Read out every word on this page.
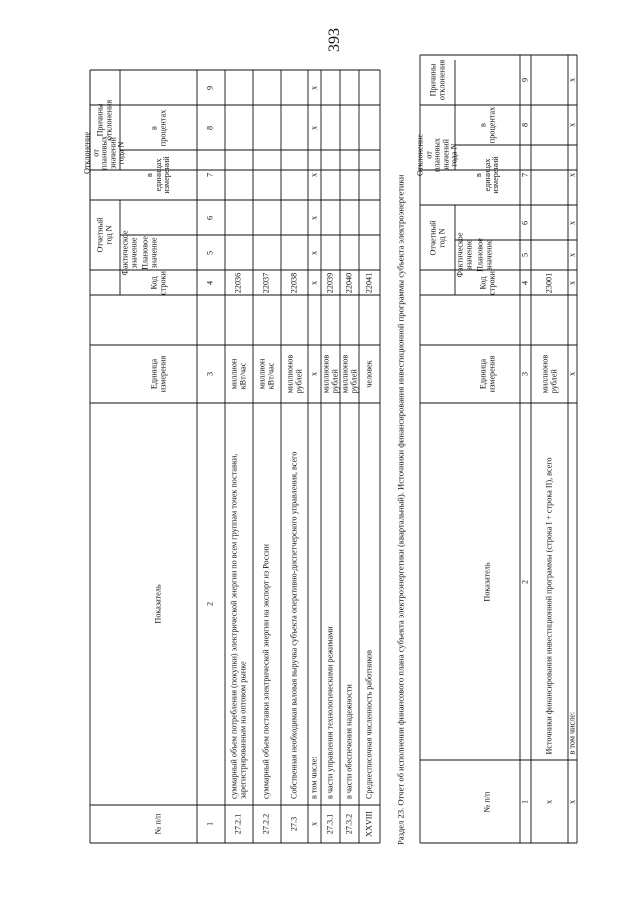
393
Причины отклонения
Отклонение от плановых значений года N
в процентах
в единицах измерений
Отчетный год N Фактическое значение Плановое значение
Код строки
Единица измерения
Показатель
№ п/п
9
8
7
6
5
4
3
2
1
22036
миллион кВт/час
суммарный объем потребления (покупки) электрической энергии по всем группам точек поставки, зарегистрированным на оптовом рынке
27.2.1
22037
миллион кВт/час
суммарный объем поставки электрической энергии на экспорт из России
27.2.2
22038
миллионов рублей
Собственная необходимая валовая выручка субъекта оперативно-диспетчерского управления, всего
27.3
x
x
x
x
x
x
x
в том числе:
x
22039
миллионов рублей
в части управления технологическими режимами
27.3.1
22040
миллионов рублей
в части обеспечения надежности
27.3.2
22041
человек
Среднесписочная численность работников
XXVIII	Раздел 23. Отчет об исполнении финансового плана субъекта электроэнергетики (квартальный). Источники финансирования инвестиционной программы субъекта электроэнергетики
Причины отклонения
Отклонение от плановых значений года N
в процентах
в единицах измерений
Отчетный год N Фактическое значение Плановое значение
Код строки
Единица измерения
Показатель
№ п/п
9
8
7
6
5
4
3
2
1
23001
миллионов рублей
Источники финансирования инвестиционной программы (строка I + строка II), всего
x
x
x
x
x
x
x
x
в том числе:
x
